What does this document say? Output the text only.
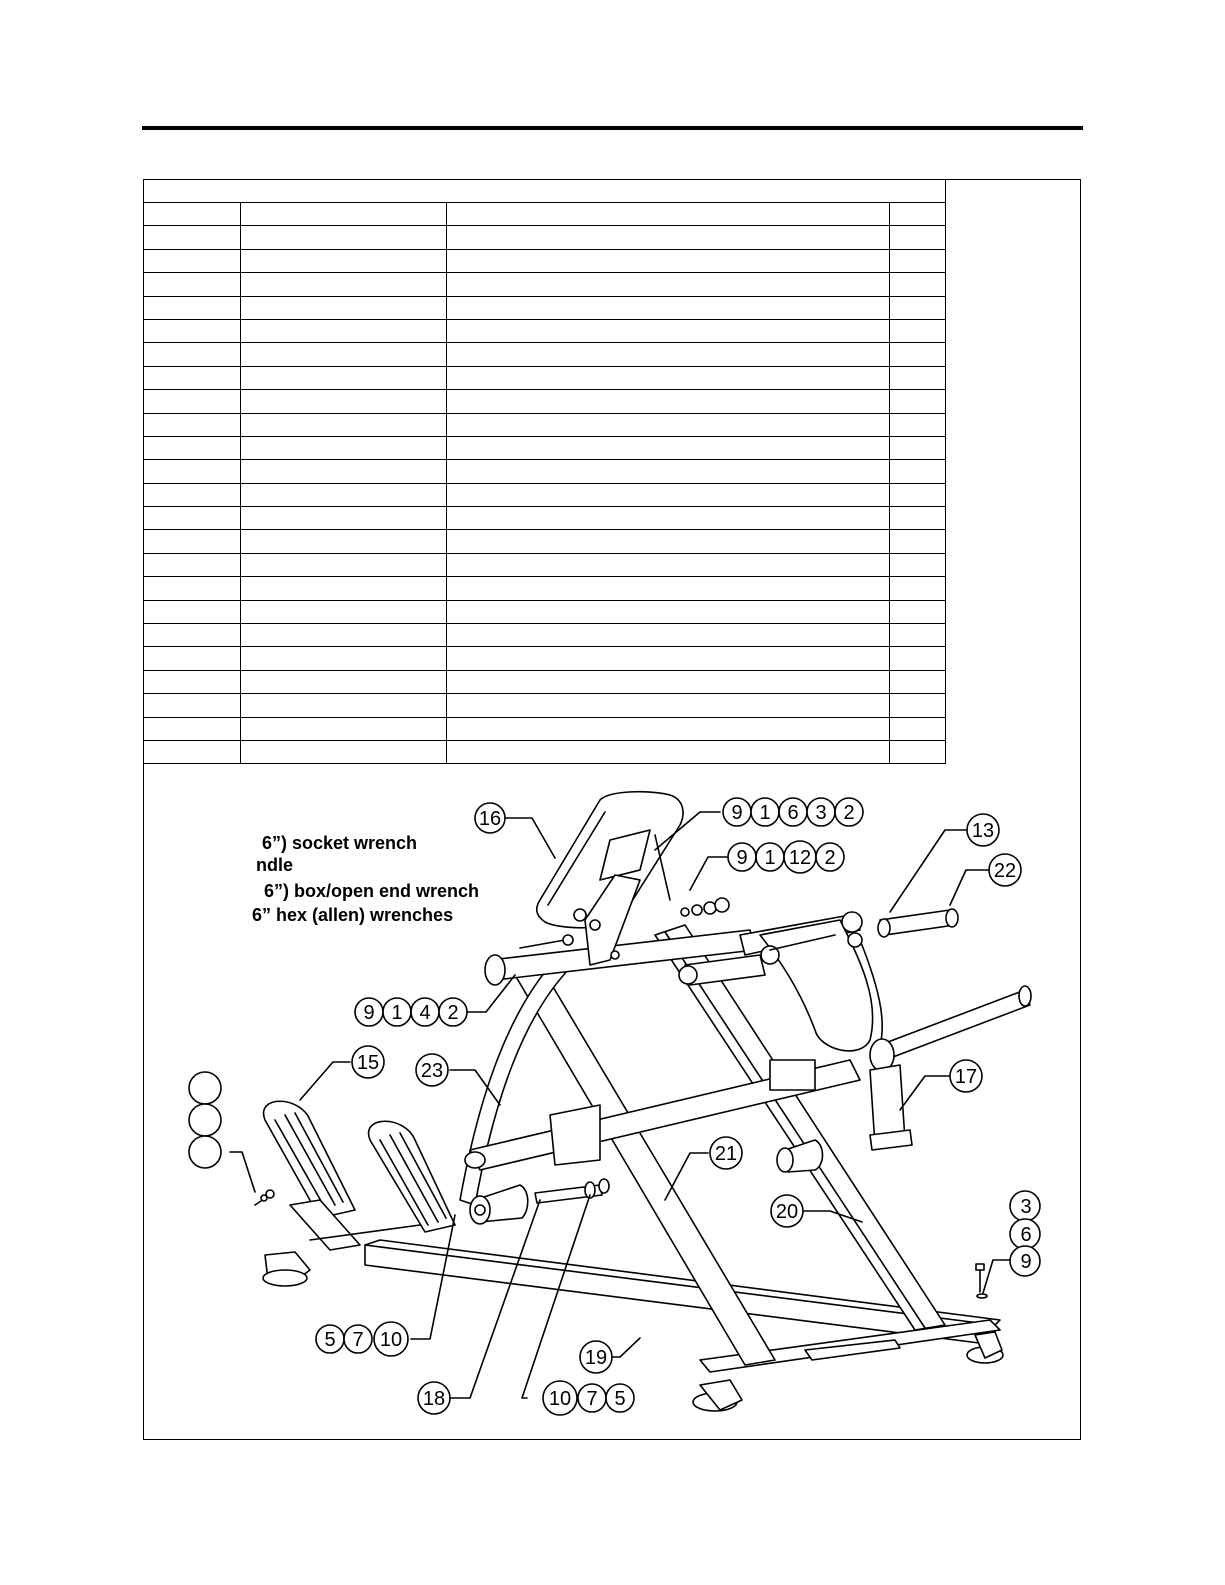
6”) socket wrench
ndle
6”) box/open end wrench
6” hex (allen) wrenches
16	9 1 6 3 2
9 1 12 2
13
22
9 1 4 2
15 23	17
21
20	3
6
9
5 7 10
19
18	10 7 5
